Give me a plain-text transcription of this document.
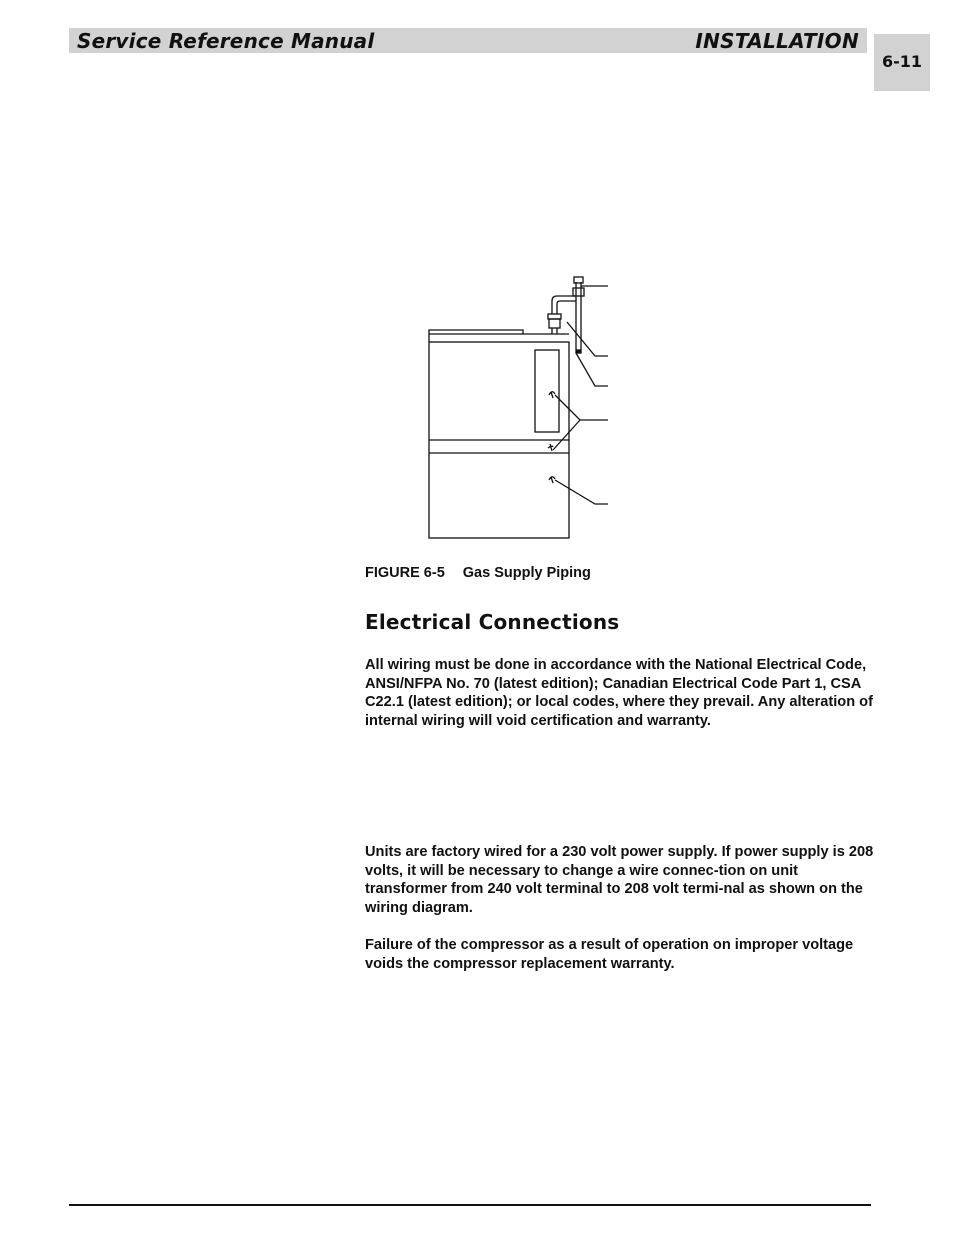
Service Reference Manual	INSTALLATION
6-11
FIGURE 6-5 Gas Supply Piping
Electrical Connections

All wiring must be done in accordance with the National Electrical Code, ANSI/NFPA No. 70 (latest edition); Canadian Electrical Code Part 1, CSA C22.1 (latest edition); or local codes, where they prevail. Any alteration of internal wiring will void certification and warranty.

Units are factory wired for a 230 volt power supply. If power supply is 208 volts, it will be necessary to change a wire connec-tion on unit transformer from 240 volt terminal to 208 volt termi-nal as shown on the wiring diagram.

Failure of the compressor as a result of operation on improper voltage voids the compressor replacement warranty.
